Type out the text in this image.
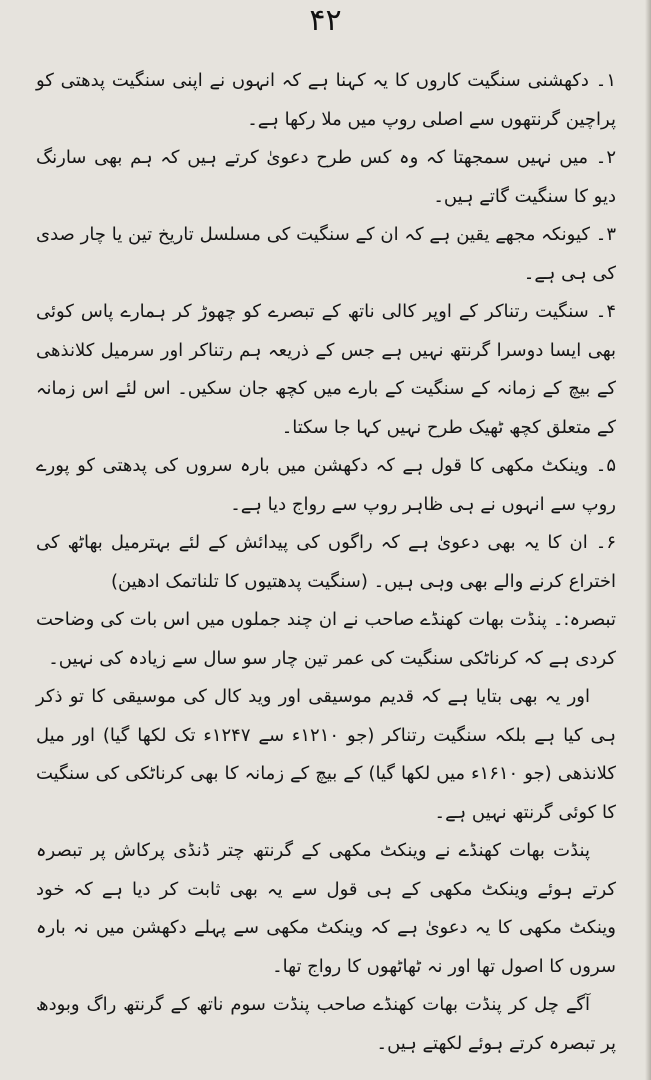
۴۲

۱۔ دکھشنی سنگیت کاروں کا یہ کہنا ہے کہ انہوں نے اپنی سنگیت پدھتی کو پراچین گرنتھوں سے اصلی روپ میں ملا رکھا ہے۔

۲۔ میں نہیں سمجھتا کہ وہ کس طرح دعویٰ کرتے ہیں کہ ہم بھی سارنگ دیو کا سنگیت گاتے ہیں۔

۳۔ کیونکہ مجھے یقین ہے کہ ان کے سنگیت کی مسلسل تاریخ تین یا چار صدی کی ہی ہے۔

۴۔ سنگیت رتناکر کے اوپر کالی ناتھ کے تبصرے کو چھوڑ کر ہمارے پاس کوئی بھی ایسا دوسرا گرنتھ نہیں ہے جس کے ذریعہ ہم رتناکر اور سرمیل کلانذھی کے بیچ کے زمانہ کے سنگیت کے بارے میں کچھ جان سکیں۔ اس لئے اس زمانہ کے متعلق کچھ ٹھیک طرح نہیں کہا جا سکتا۔

۵۔ وینکٹ مکھی کا قول ہے کہ دکھشن میں بارہ سروں کی پدھتی کو پورے روپ سے انہوں نے ہی ظاہر روپ سے رواج دیا ہے۔

۶۔ ان کا یہ بھی دعویٰ ہے کہ راگوں کی پیدائش کے لئے بہترمیل بھاٹھ کی اختراع کرنے والے بھی وہی ہیں۔ (سنگیت پدھتیوں کا تلناتمک ادھین)

تبصرہ:۔ پنڈت بھات کھنڈے صاحب نے ان چند جملوں میں اس بات کی وضاحت کردی ہے کہ کرناٹکی سنگیت کی عمر تین چار سو سال سے زیادہ کی نہیں۔

اور یہ بھی بتایا ہے کہ قدیم موسیقی اور وید کال کی موسیقی کا تو ذکر ہی کیا ہے بلکہ سنگیت رتناکر (جو ۱۲۱۰ء سے ۱۲۴۷ء تک لکھا گیا) اور میل کلانذھی (جو ۱۶۱۰ء میں لکھا گیا) کے بیچ کے زمانہ کا بھی کرناٹکی کی سنگیت کا کوئی گرنتھ نہیں ہے۔

پنڈت بھات کھنڈے نے وینکٹ مکھی کے گرنتھ چتر ڈنڈی پرکاش پر تبصرہ کرتے ہوئے وینکٹ مکھی کے ہی قول سے یہ بھی ثابت کر دیا ہے کہ خود وینکٹ مکھی کا یہ دعویٰ ہے کہ وینکٹ مکھی سے پہلے دکھشن میں نہ بارہ سروں کا اصول تھا اور نہ ٹھاٹھوں کا رواج تھا۔

آگے چل کر پنڈت بھات کھنڈے صاحب پنڈت سوم ناتھ کے گرنتھ راگ وبودھ پر تبصرہ کرتے ہوئے لکھتے ہیں۔
